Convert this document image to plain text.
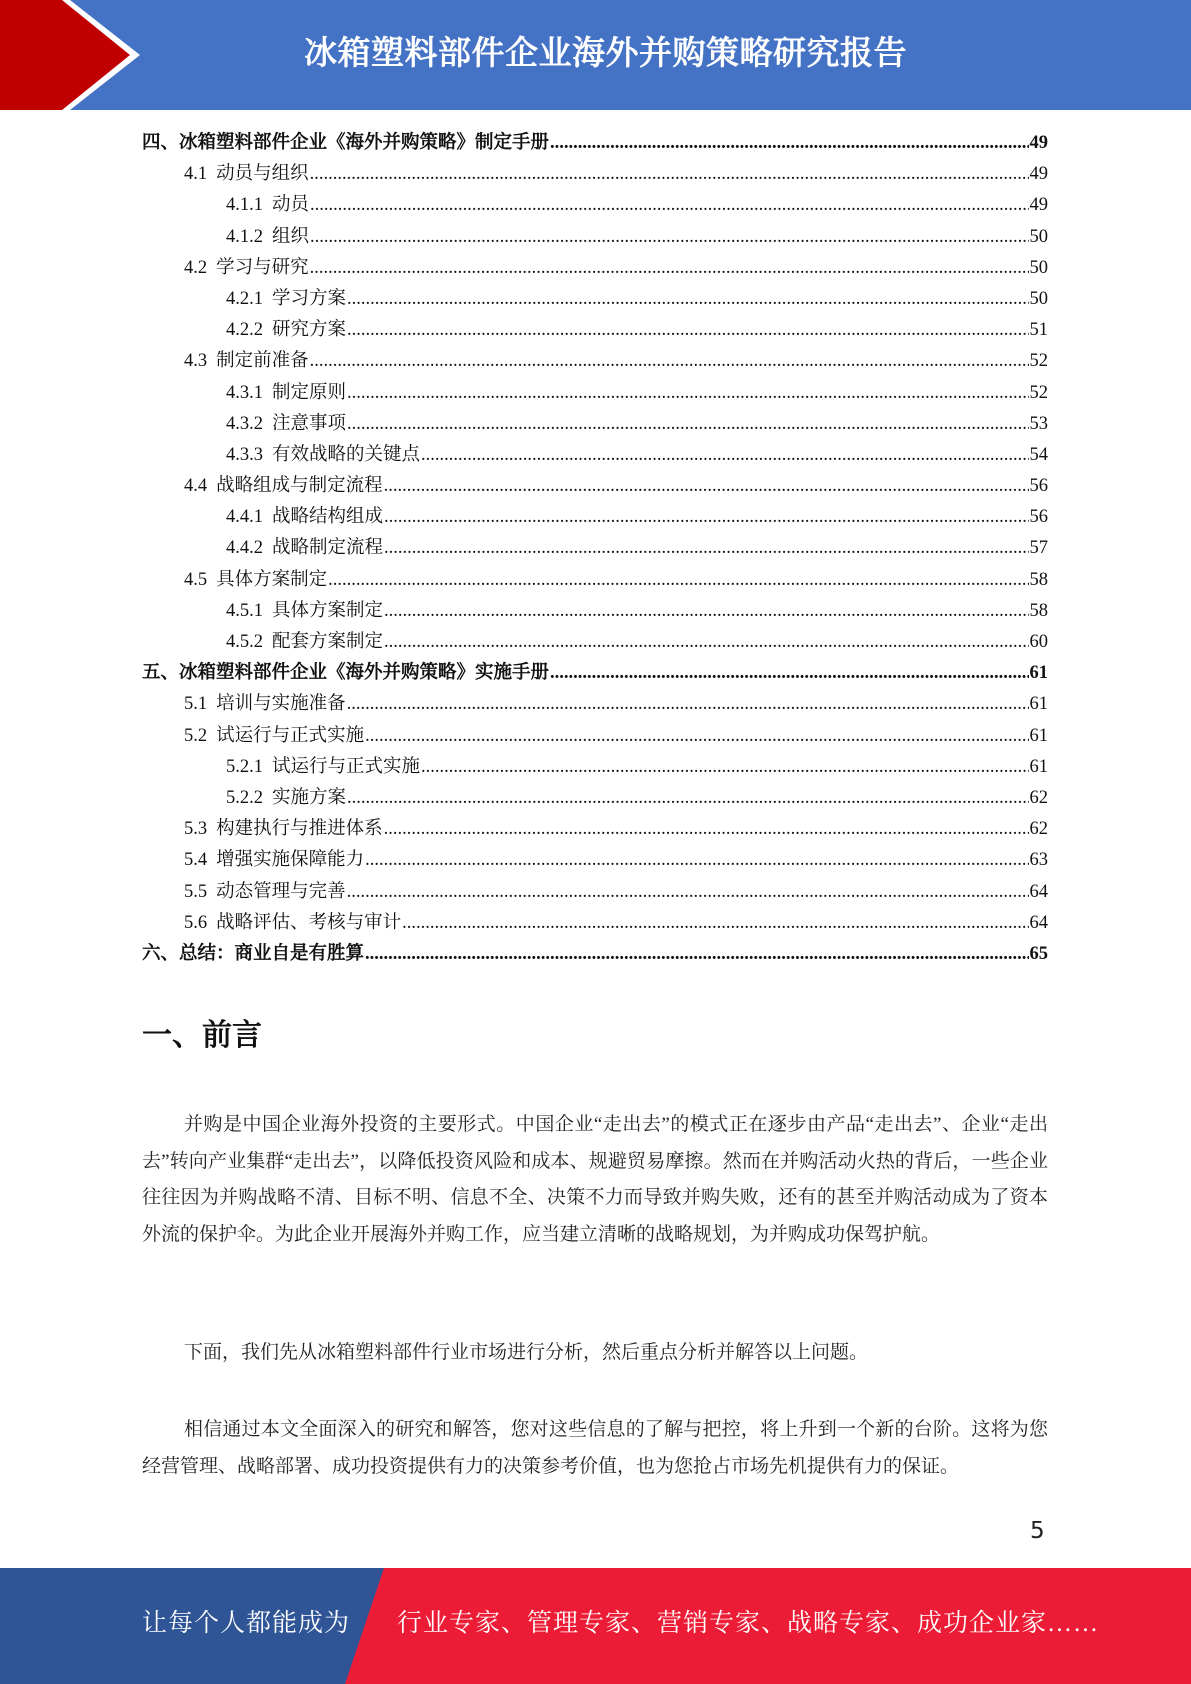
冰箱塑料部件企业海外并购策略研究报告
四、 冰箱塑料部件企业《海外并购策略》制定手册 .....	49
4.1 动员与组织 .....	49
4.1.1 动员 .....	49
4.1.2 组织 .....	50
4.2 学习与研究 .....	50
4.2.1 学习方案 .....	50
4.2.2 研究方案 .....	51
4.3 制定前准备 .....	52
4.3.1 制定原则 .....	52
4.3.2 注意事项 .....	53
4.3.3 有效战略的关键点 .....	54
4.4 战略组成与制定流程 .....	56
4.4.1 战略结构组成 .....	56
4.4.2 战略制定流程 .....	57
4.5 具体方案制定 .....	58
4.5.1 具体方案制定 .....	58
4.5.2 配套方案制定 .....	60
五、 冰箱塑料部件企业《海外并购策略》实施手册 .....	61
5.1 培训与实施准备 .....	61
5.2 试运行与正式实施 .....	61
5.2.1 试运行与正式实施 .....	61
5.2.2 实施方案 .....	62
5.3 构建执行与推进体系 .....	62
5.4 增强实施保障能力 .....	63
5.5 动态管理与完善 .....	64
5.6 战略评估、考核与审计 .....	64
六、 总结：商业自是有胜算 .....	65
一、前言

并购是中国企业海外投资的主要形式。中国企业“走出去”的模式正在逐步由产品“走出去”、企业“走出去”转向产业集群“走出去”，以降低投资风险和成本、规避贸易摩擦。然而在并购活动火热的背后，一些企业往往因为并购战略不清、目标不明、信息不全、决策不力而导致并购失败，还有的甚至并购活动成为了资本外流的保护伞。为此企业开展海外并购工作，应当建立清晰的战略规划，为并购成功保驾护航。

下面，我们先从冰箱塑料部件行业市场进行分析，然后重点分析并解答以上问题。

相信通过本文全面深入的研究和解答，您对这些信息的了解与把控，将上升到一个新的台阶。这将为您经营管理、战略部署、成功投资提供有力的决策参考价值，也为您抢占市场先机提供有力的保证。

5
让每个人都能成为 行业专家、管理专家、营销专家、战略专家、成功企业家……
